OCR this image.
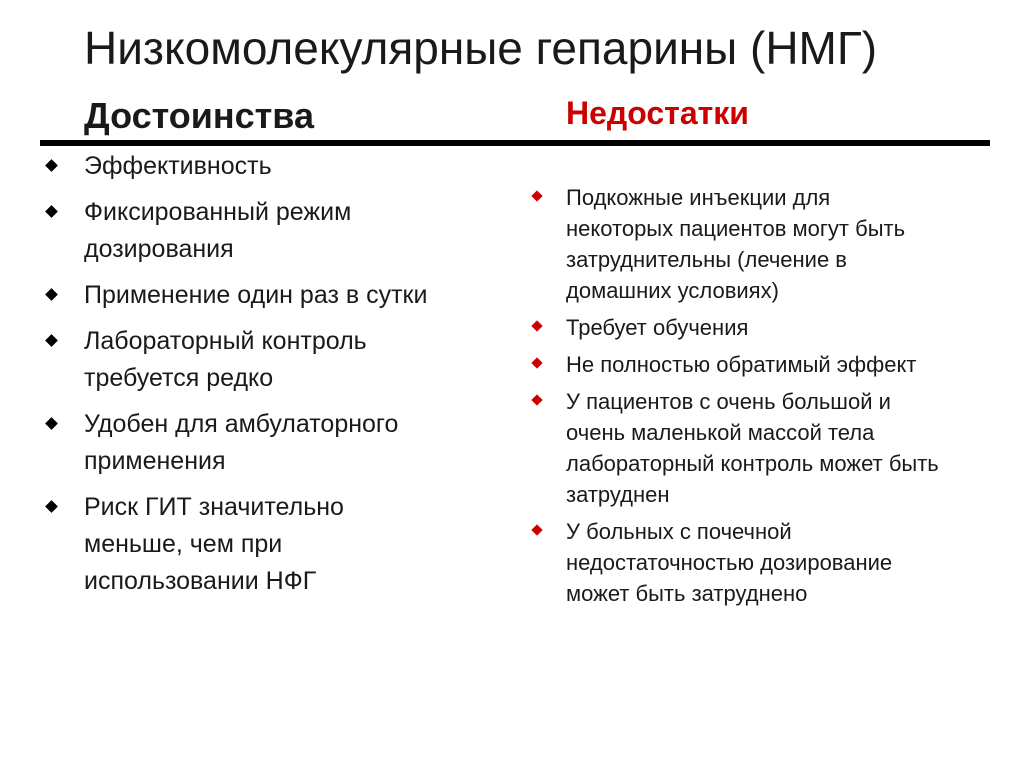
Низкомолекулярные гепарины (НМГ)
Достоинства	Недостатки
Эффективность
Фиксированный режим
дозирования
Применение один раз в сутки
Лабораторный контроль
требуется редко
Удобен для амбулаторного
применения
Риск ГИТ значительно
меньше, чем при
использовании НФГ
Подкожные инъекции для
некоторых пациентов могут быть
затруднительны (лечение в
домашних условиях)
Требует обучения
Не полностью обратимый эффект
У пациентов с очень большой и
очень маленькой массой тела
лабораторный контроль может быть
затруднен
У больных с почечной
недостаточностью дозирование
может быть затруднено
